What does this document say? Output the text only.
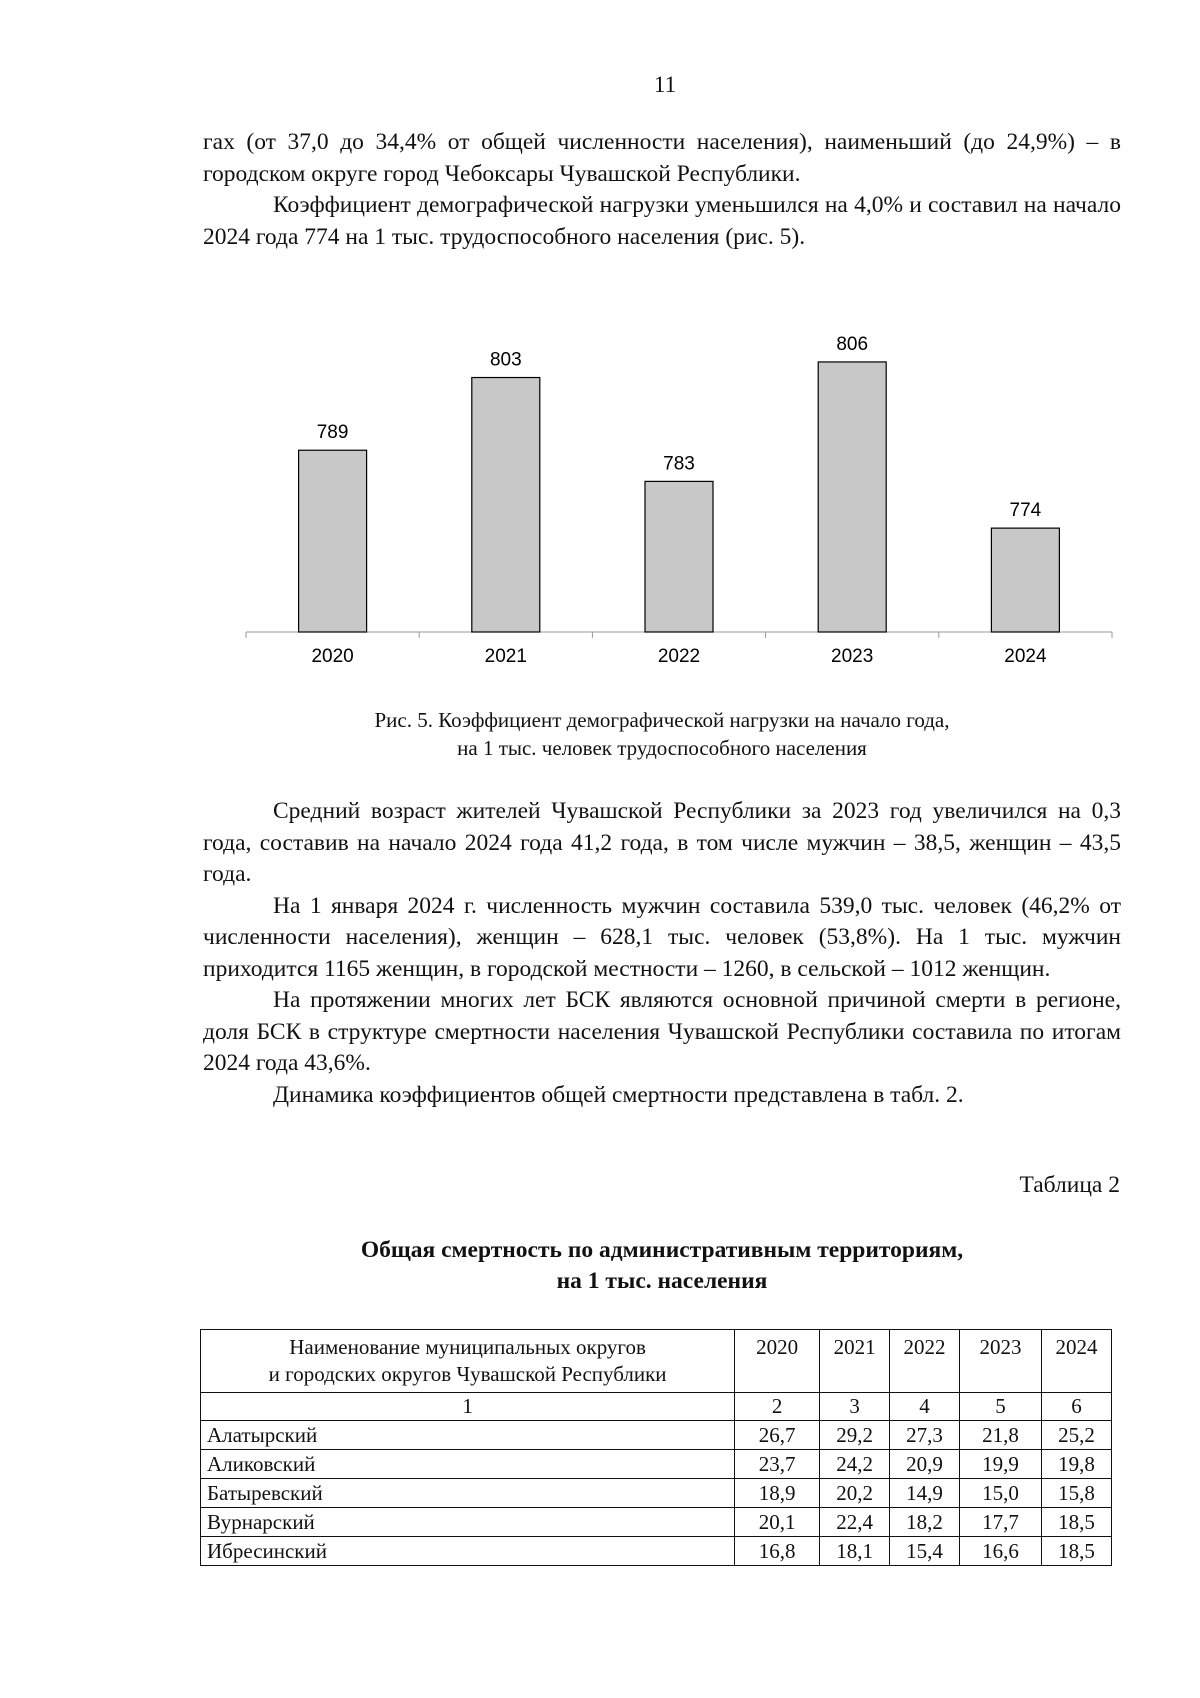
11

гах (от 37,0 до 34,4% от общей численности населения), наименьший (до 24,9%) – в городском округе город Чебоксары Чувашской Республики.

Коэффициент демографической нагрузки уменьшился на 4,0% и составил на начало 2024 года 774 на 1 тыс. трудоспособного населения (рис. 5).

789
2020
803
2021
783
2022
806
2023
774
2024
Рис. 5. Коэффициент демографической нагрузки на начало года,
на 1 тыс. человек трудоспособного населения

Средний возраст жителей Чувашской Республики за 2023 год увеличился на 0,3 года, составив на начало 2024 года 41,2 года, в том числе мужчин – 38,5, женщин – 43,5 года.

На 1 января 2024 г. численность мужчин составила 539,0 тыс. человек (46,2% от численности населения), женщин – 628,1 тыс. человек (53,8%). На 1 тыс. мужчин приходится 1165 женщин, в городской местности – 1260, в сельской – 1012 женщин.

На протяжении многих лет БСК являются основной причиной смерти в регионе, доля БСК в структуре смертности населения Чувашской Республики составила по итогам 2024 года 43,6%.

Динамика коэффициентов общей смертности представлена в табл. 2.

Таблица 2
Общая смертность по административным территориям,
на 1 тыс. населения
Наименование муниципальных округов
и городских округов Чувашской Республики	2020	2021	2022	2023	2024
1	2	3	4	5	6
Алатырский	26,7	29,2	27,3	21,8	25,2
Аликовский	23,7	24,2	20,9	19,9	19,8
Батыревский	18,9	20,2	14,9	15,0	15,8
Вурнарский	20,1	22,4	18,2	17,7	18,5
Ибресинский	16,8	18,1	15,4	16,6	18,5
